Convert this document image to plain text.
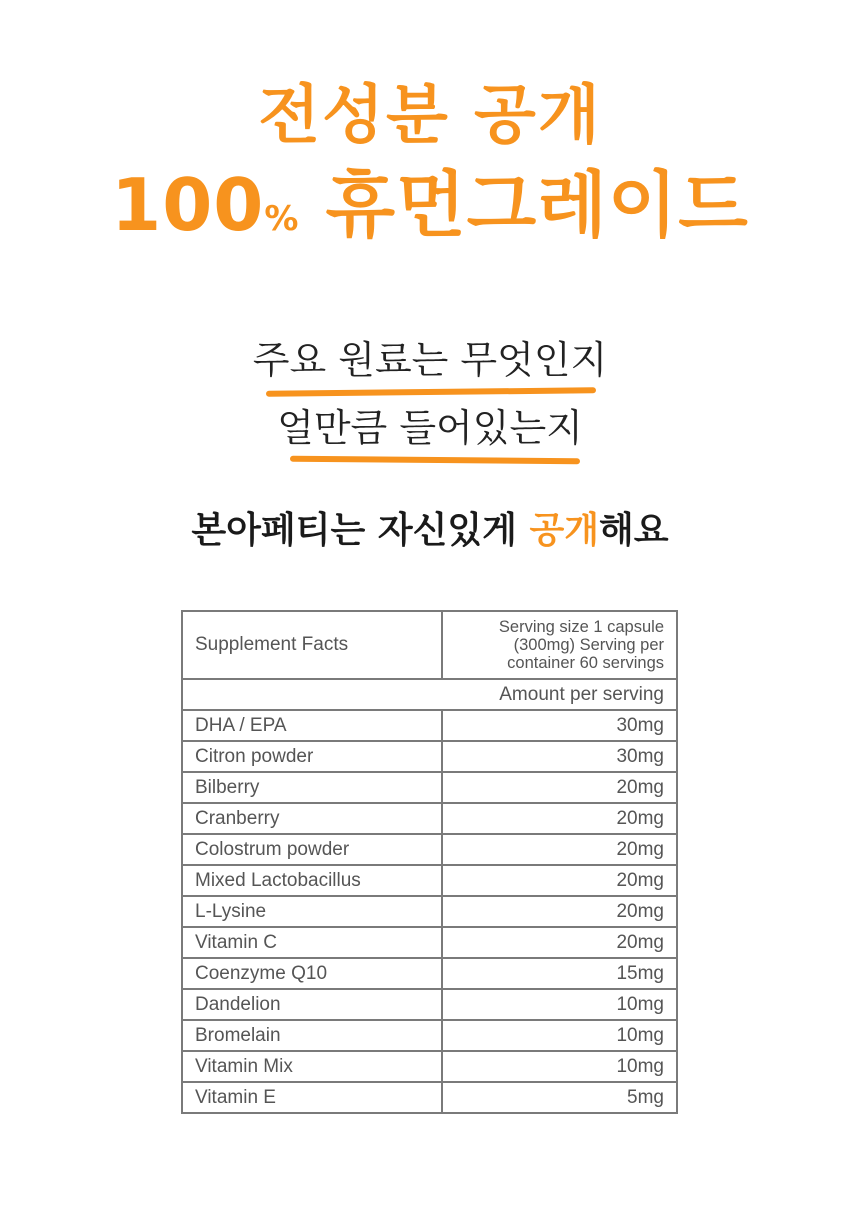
전성분 공개
100% 휴먼그레이드
주요 원료는 무엇인지
얼만큼 들어있는지
본아페티는 자신있게 공개해요
Supplement Facts	Serving size 1 capsule (300mg) Serving per container 60 servings
Amount per serving	
DHA / EPA	30mg
Citron powder	30mg
Bilberry	20mg
Cranberry	20mg
Colostrum powder	20mg
Mixed Lactobacillus	20mg
L-Lysine	20mg
Vitamin C	20mg
Coenzyme Q10	15mg
Dandelion	10mg
Bromelain	10mg
Vitamin Mix	10mg
Vitamin E	5mg
